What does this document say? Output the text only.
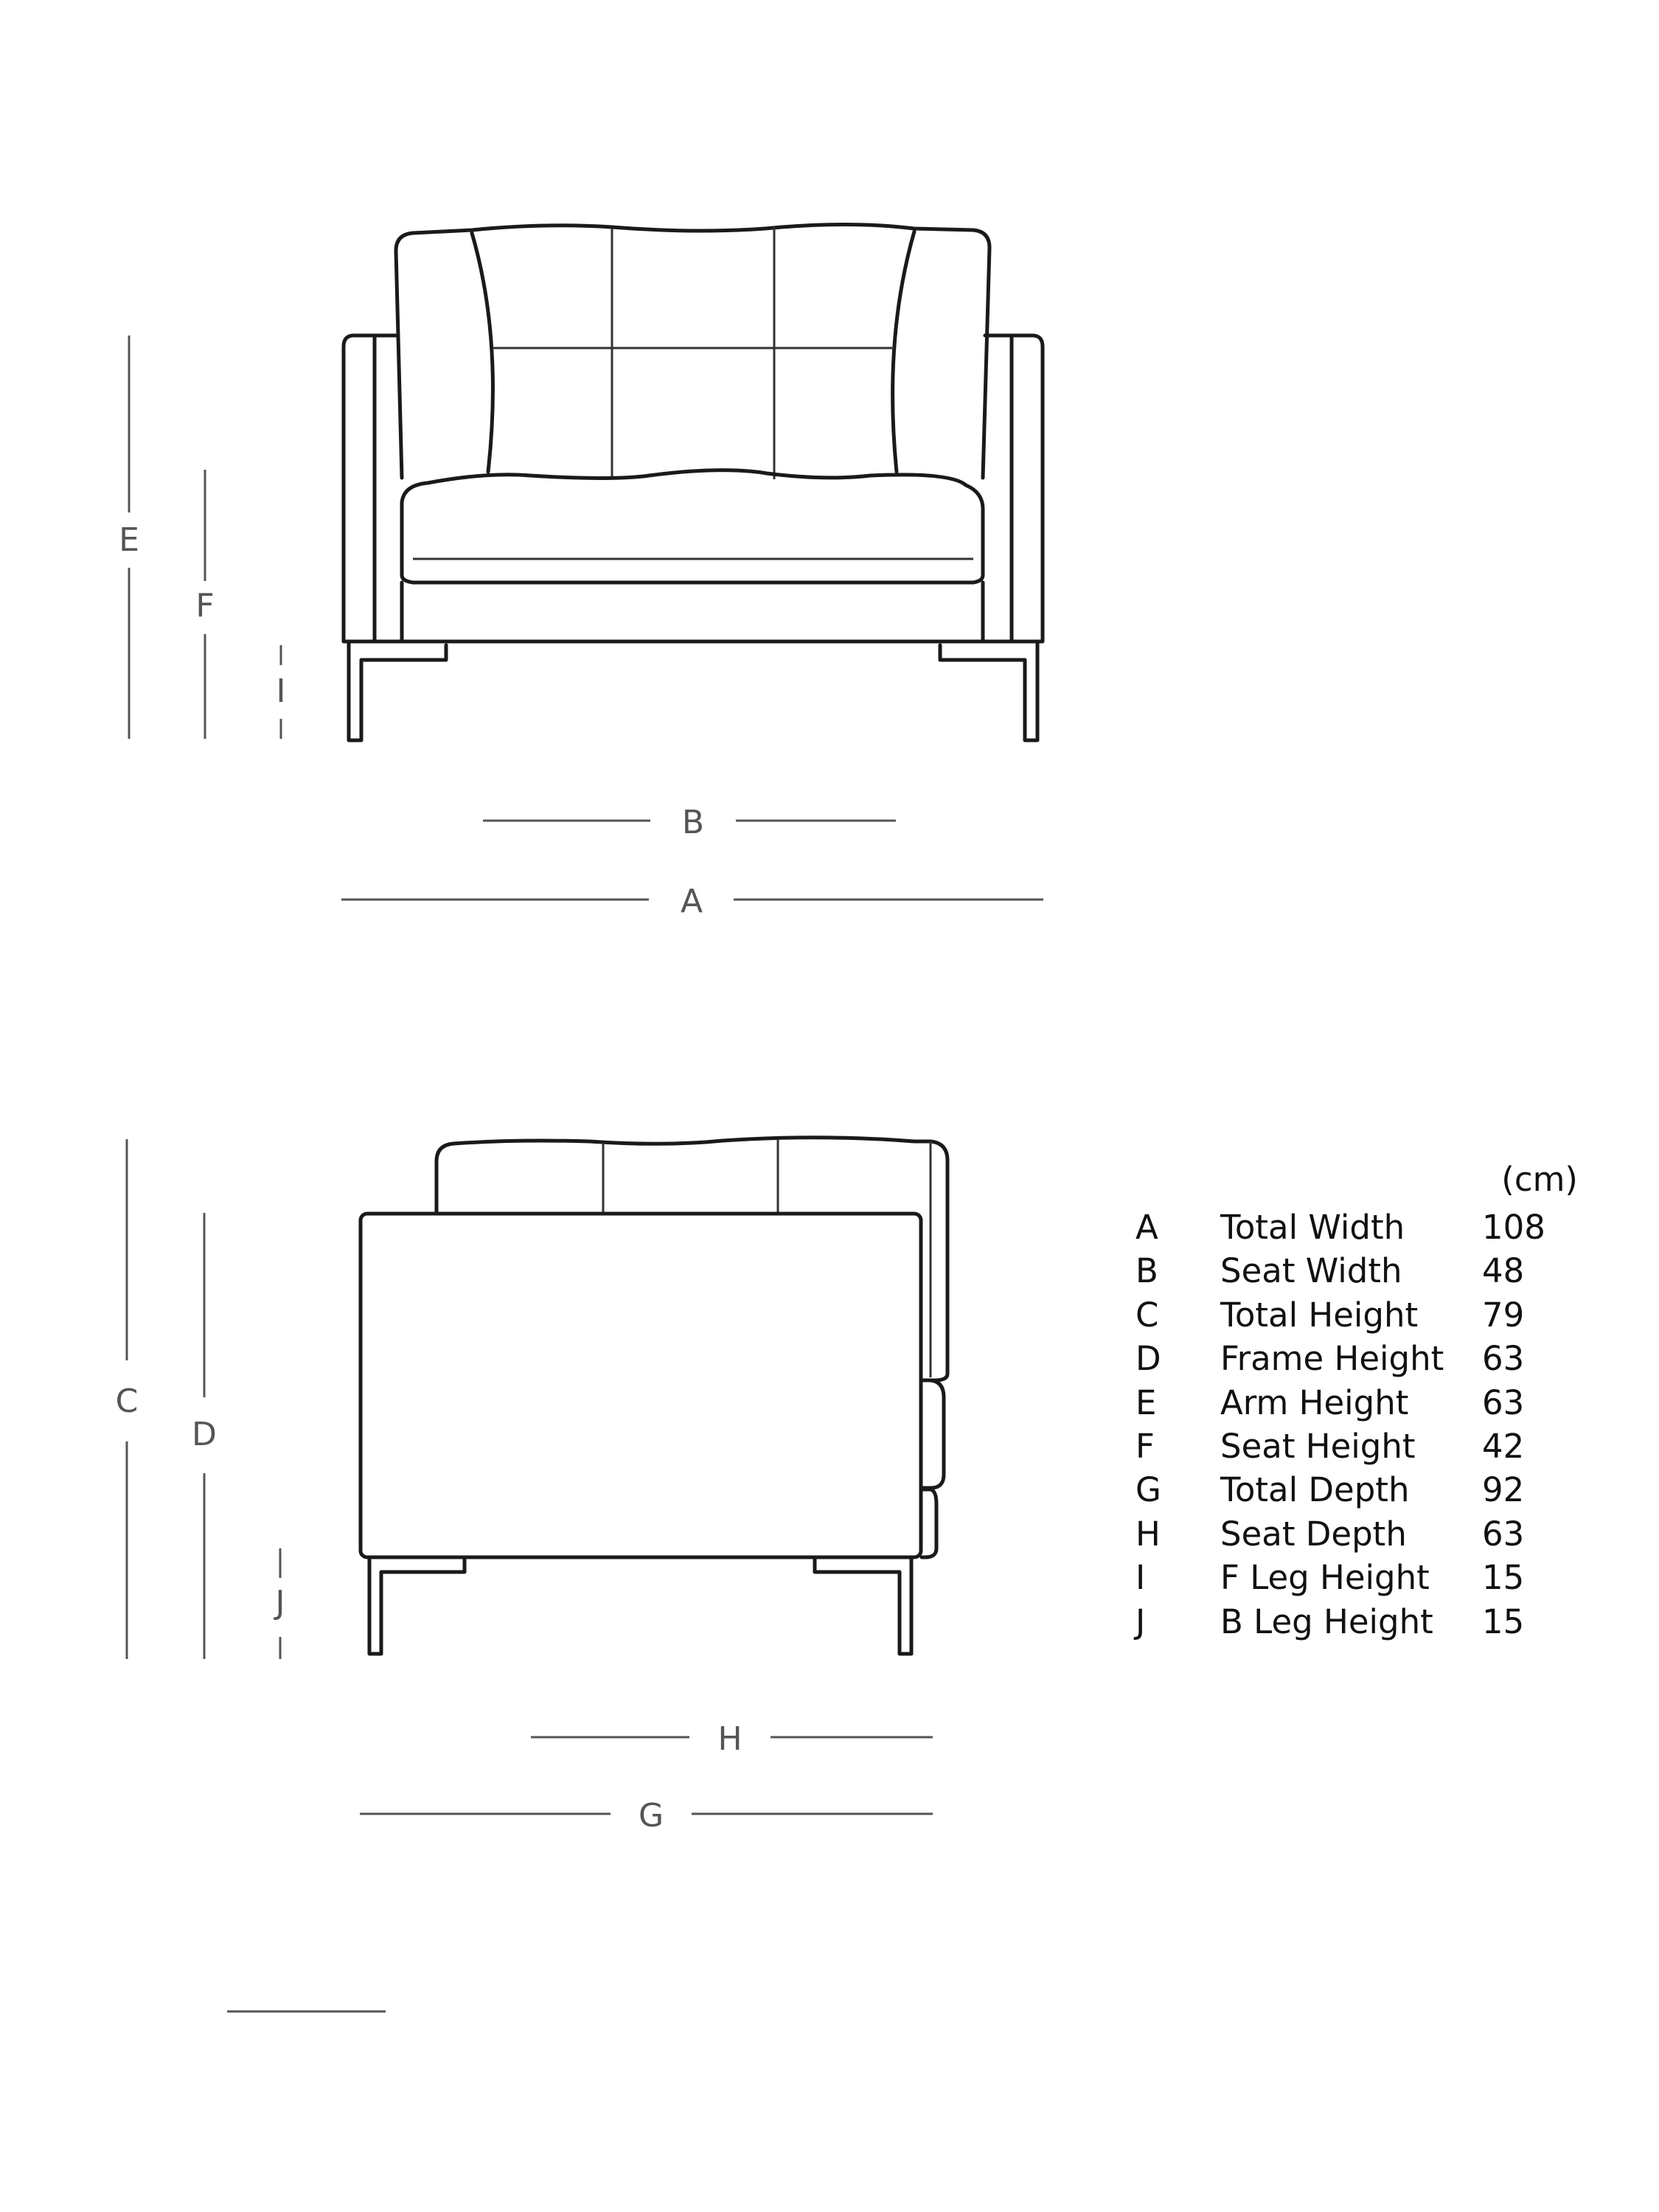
E
F
I
B
A
C
D
J
H
G
(cm)
A	Total Width	108
B	Seat Width	48
C	Total Height	79
D	Frame Height	63
E	Arm Height	63
F	Seat Height	42
G	Total Depth	92
H	Seat Depth	63
I	F Leg Height	15
J	B Leg Height	15
